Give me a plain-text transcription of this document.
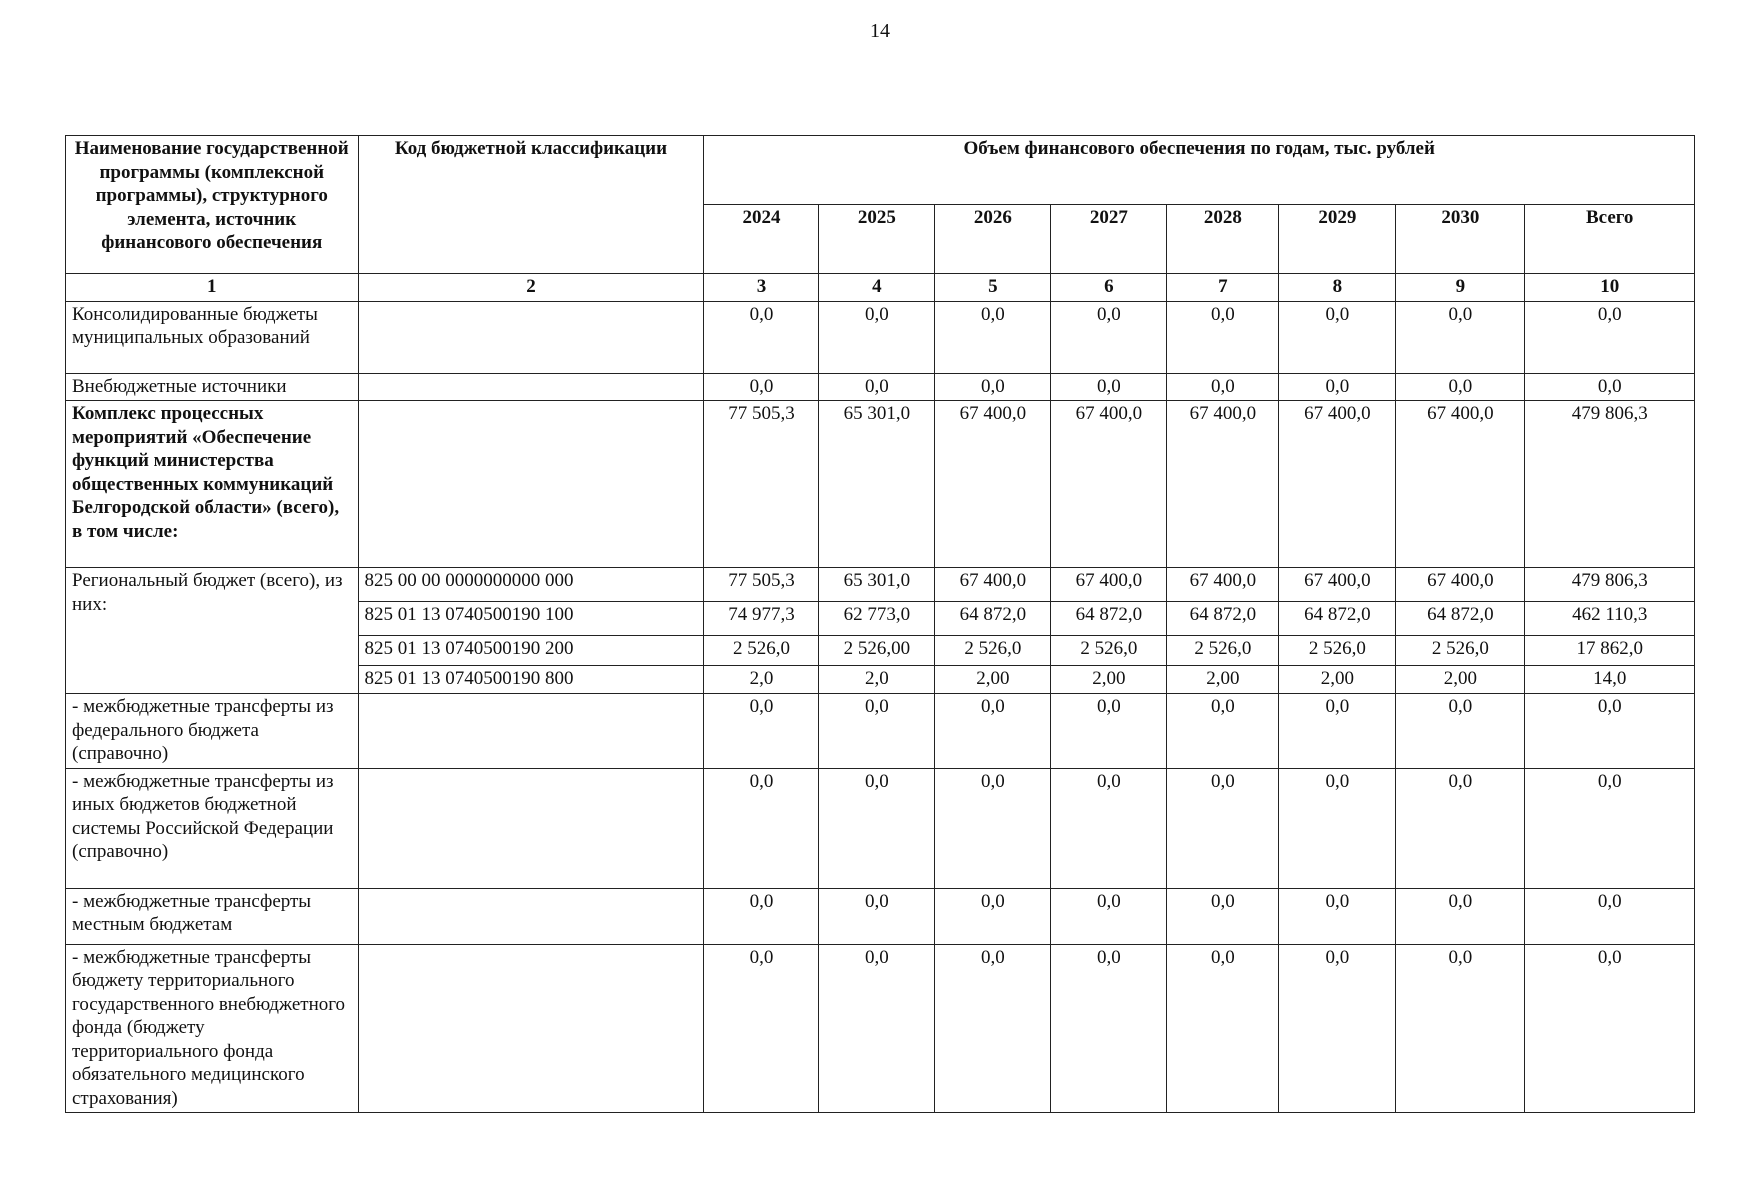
14
Наименование государственной программы (комплексной программы), структурного элемента, источник финансового обеспечения	Код бюджетной классификации	Объем финансового обеспечения по годам, тыс. рублей							
		2024	2025	2026	2027	2028	2029	2030	Всего
1	2	3	4	5	6	7	8	9	10
Консолидированные бюджеты муниципальных образований		0,0	0,0	0,0	0,0	0,0	0,0	0,0	0,0
Внебюджетные источники		0,0	0,0	0,0	0,0	0,0	0,0	0,0	0,0
Комплекс процессных мероприятий «Обеспечение функций министерства общественных коммуникаций Белгородской области» (всего), в том числе:		77 505,3	65 301,0	67 400,0	67 400,0	67 400,0	67 400,0	67 400,0	479 806,3
Региональный бюджет (всего), из них:	825 00 00 0000000000 000	77 505,3	65 301,0	67 400,0	67 400,0	67 400,0	67 400,0	67 400,0	479 806,3
	825 01 13 0740500190 100	74 977,3	62 773,0	64 872,0	64 872,0	64 872,0	64 872,0	64 872,0	462 110,3
	825 01 13 0740500190 200	2 526,0	2 526,00	2 526,0	2 526,0	2 526,0	2 526,0	2 526,0	17 862,0
	825 01 13 0740500190 800	2,0	2,0	2,00	2,00	2,00	2,00	2,00	14,0
- межбюджетные трансферты из федерального бюджета (справочно)		0,0	0,0	0,0	0,0	0,0	0,0	0,0	0,0
- межбюджетные трансферты из иных бюджетов бюджетной системы Российской Федерации (справочно)		0,0	0,0	0,0	0,0	0,0	0,0	0,0	0,0
- межбюджетные трансферты местным бюджетам		0,0	0,0	0,0	0,0	0,0	0,0	0,0	0,0
- межбюджетные трансферты бюджету территориального государственного внебюджетного фонда (бюджету территориального фонда обязательного медицинского страхования)		0,0	0,0	0,0	0,0	0,0	0,0	0,0	0,0
